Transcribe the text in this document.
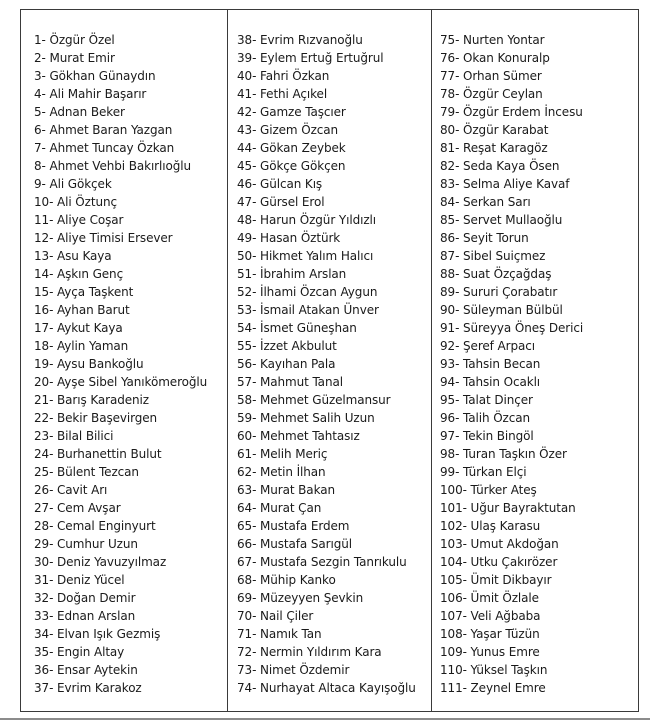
1- Özgür Özel
2- Murat Emir
3- Gökhan Günaydın
4- Ali Mahir Başarır
5- Adnan Beker
6- Ahmet Baran Yazgan
7- Ahmet Tuncay Özkan
8- Ahmet Vehbi Bakırlıoğlu
9- Ali Gökçek
10- Ali Öztunç
11- Aliye Coşar
12- Aliye Timisi Ersever
13- Asu Kaya
14- Aşkın Genç
15- Ayça Taşkent
16- Ayhan Barut
17- Aykut Kaya
18- Aylin Yaman
19- Aysu Bankoğlu
20- Ayşe Sibel Yanıkömeroğlu
21- Barış Karadeniz
22- Bekir Başevirgen
23- Bilal Bilici
24- Burhanettin Bulut
25- Bülent Tezcan
26- Cavit Arı
27- Cem Avşar
28- Cemal Enginyurt
29- Cumhur Uzun
30- Deniz Yavuzyılmaz
31- Deniz Yücel
32- Doğan Demir
33- Ednan Arslan
34- Elvan Işık Gezmiş
35- Engin Altay
36- Ensar Aytekin
37- Evrim Karakoz
38- Evrim Rızvanoğlu
39- Eylem Ertuğ Ertuğrul
40- Fahri Özkan
41- Fethi Açıkel
42- Gamze Taşcıer
43- Gizem Özcan
44- Gökan Zeybek
45- Gökçe Gökçen
46- Gülcan Kış
47- Gürsel Erol
48- Harun Özgür Yıldızlı
49- Hasan Öztürk
50- Hikmet Yalım Halıcı
51- İbrahim Arslan
52- İlhami Özcan Aygun
53- İsmail Atakan Ünver
54- İsmet Güneşhan
55- İzzet Akbulut
56- Kayıhan Pala
57- Mahmut Tanal
58- Mehmet Güzelmansur
59- Mehmet Salih Uzun
60- Mehmet Tahtasız
61- Melih Meriç
62- Metin İlhan
63- Murat Bakan
64- Murat Çan
65- Mustafa Erdem
66- Mustafa Sarıgül
67- Mustafa Sezgin Tanrıkulu
68- Mühip Kanko
69- Müzeyyen Şevkin
70- Nail Çiler
71- Namık Tan
72- Nermin Yıldırım Kara
73- Nimet Özdemir
74- Nurhayat Altaca Kayışoğlu
75- Nurten Yontar
76- Okan Konuralp
77- Orhan Sümer
78- Özgür Ceylan
79- Özgür Erdem İncesu
80- Özgür Karabat
81- Reşat Karagöz
82- Seda Kaya Ösen
83- Selma Aliye Kavaf
84- Serkan Sarı
85- Servet Mullaoğlu
86- Seyit Torun
87- Sibel Suiçmez
88- Suat Özçağdaş
89- Sururi Çorabatır
90- Süleyman Bülbül
91- Süreyya Öneş Derici
92- Şeref Arpacı
93- Tahsin Becan
94- Tahsin Ocaklı
95- Talat Dinçer
96- Talih Özcan
97- Tekin Bingöl
98- Turan Taşkın Özer
99- Türkan Elçi
100- Türker Ateş
101- Uğur Bayraktutan
102- Ulaş Karasu
103- Umut Akdoğan
104- Utku Çakırözer
105- Ümit Dikbayır
106- Ümit Özlale
107- Veli Ağbaba
108- Yaşar Tüzün
109- Yunus Emre
110- Yüksel Taşkın
111- Zeynel Emre
